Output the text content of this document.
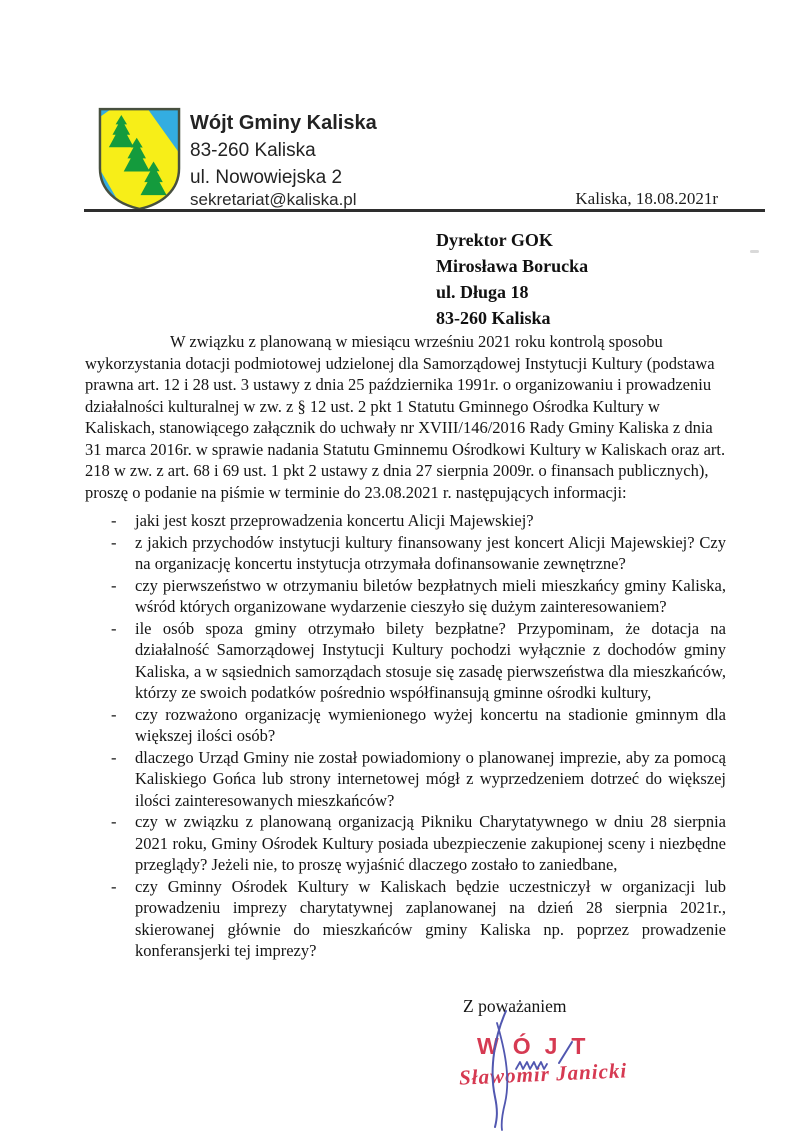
Wójt Gminy Kaliska
83-260 Kaliska
ul. Nowowiejska 2
sekretariat@kaliska.pl	Kaliska, 18.08.2021r
Dyrektor GOK
Mirosława Borucka
ul. Długa 18
83-260 Kaliska

W związku z planowaną w miesiącu wrześniu 2021 roku kontrolą sposobu wykorzystania dotacji podmiotowej udzielonej dla Samorządowej Instytucji Kultury (podstawa prawna art. 12 i 28 ust. 3 ustawy z dnia 25 października 1991r. o organizowaniu i prowadzeniu działalności kulturalnej w zw. z § 12 ust. 2 pkt 1 Statutu Gminnego Ośrodka Kultury w Kaliskach, stanowiącego załącznik do uchwały nr XVIII/146/2016 Rady Gminy Kaliska z dnia 31 marca 2016r. w sprawie nadania Statutu Gminnemu Ośrodkowi Kultury w Kaliskach oraz art. 218 w zw. z art. 68 i 69 ust. 1 pkt 2 ustawy z dnia 27 sierpnia 2009r. o finansach publicznych), proszę o podanie na piśmie w terminie do 23.08.2021 r. następujących informacji:

- jaki jest koszt przeprowadzenia koncertu Alicji Majewskiej?
- z jakich przychodów instytucji kultury finansowany jest koncert Alicji Majewskiej? Czy na organizację koncertu instytucja otrzymała dofinansowanie zewnętrzne?
- czy pierwszeństwo w otrzymaniu biletów bezpłatnych mieli mieszkańcy gminy Kaliska, wśród których organizowane wydarzenie cieszyło się dużym zainteresowaniem?
- ile osób spoza gminy otrzymało bilety bezpłatne? Przypominam, że dotacja na działalność Samorządowej Instytucji Kultury pochodzi wyłącznie z dochodów gminy Kaliska, a w sąsiednich samorządach stosuje się zasadę pierwszeństwa dla mieszkańców, którzy ze swoich podatków pośrednio współfinansują gminne ośrodki kultury,
- czy rozważono organizację wymienionego wyżej koncertu na stadionie gminnym dla większej ilości osób?
- dlaczego Urząd Gminy nie został powiadomiony o planowanej imprezie, aby za pomocą Kaliskiego Gońca lub strony internetowej mógł z wyprzedzeniem dotrzeć do większej ilości zainteresowanych mieszkańców?
- czy w związku z planowaną organizacją Pikniku Charytatywnego w dniu 28 sierpnia 2021 roku, Gminy Ośrodek Kultury posiada ubezpieczenie zakupionej sceny i niezbędne przeglądy? Jeżeli nie, to proszę wyjaśnić dlaczego zostało to zaniedbane,
- czy Gminny Ośrodek Kultury w Kaliskach będzie uczestniczył w organizacji lub prowadzeniu imprezy charytatywnej zaplanowanej na dzień 28 sierpnia 2021r., skierowanej głównie do mieszkańców gminy Kaliska np. poprzez prowadzenie konferansjerki tej imprezy?
Z poważaniem
WÓJT
Sławomir Janicki
